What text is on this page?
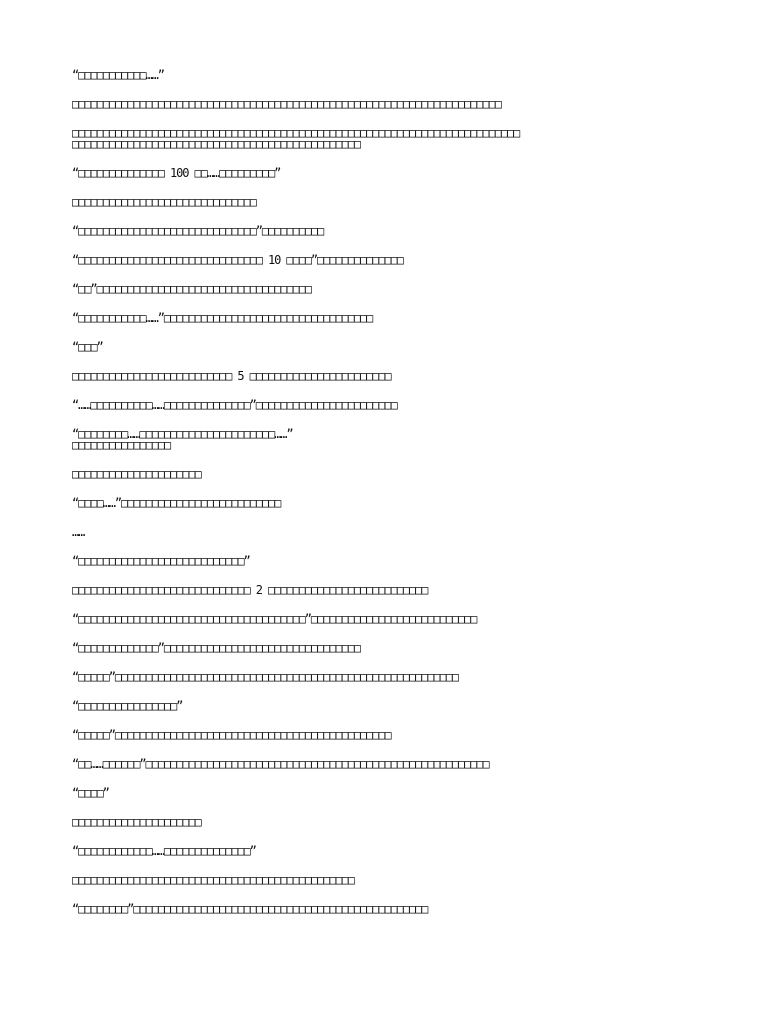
“□□□□□□□□□□□……”

□□□□□□□□□□□□□□□□□□□□□□□□□□□□□□□□□□□□□□□□□□□□□□□□□□□□□□□□□□□□□□□□□□□□□□

□□□□□□□□□□□□□□□□□□□□□□□□□□□□□□□□□□□□□□□□□□□□□□□□□□□□□□□□□□□□□□□□□□□□□□□□□
□□□□□□□□□□□□□□□□□□□□□□□□□□□□□□□□□□□□□□□□□□□□□□□

“□□□□□□□□□□□□□□ 100 □□……□□□□□□□□□”

□□□□□□□□□□□□□□□□□□□□□□□□□□□□□□

“□□□□□□□□□□□□□□□□□□□□□□□□□□□□□”□□□□□□□□□□

“□□□□□□□□□□□□□□□□□□□□□□□□□□□□□□ 10 □□□□”□□□□□□□□□□□□□□

“□□”□□□□□□□□□□□□□□□□□□□□□□□□□□□□□□□□□□□

“□□□□□□□□□□□……”□□□□□□□□□□□□□□□□□□□□□□□□□□□□□□□□□□

“□□□”

□□□□□□□□□□□□□□□□□□□□□□□□□□ 5 □□□□□□□□□□□□□□□□□□□□□□□

“……□□□□□□□□□□……□□□□□□□□□□□□□□”□□□□□□□□□□□□□□□□□□□□□□□

“□□□□□□□□……□□□□□□□□□□□□□□□□□□□□□□……”
□□□□□□□□□□□□□□□□

□□□□□□□□□□□□□□□□□□□□□

“□□□□……”□□□□□□□□□□□□□□□□□□□□□□□□□□

……

“□□□□□□□□□□□□□□□□□□□□□□□□□□□”

□□□□□□□□□□□□□□□□□□□□□□□□□□□□□ 2 □□□□□□□□□□□□□□□□□□□□□□□□□□

“□□□□□□□□□□□□□□□□□□□□□□□□□□□□□□□□□□□□□”□□□□□□□□□□□□□□□□□□□□□□□□□□□

“□□□□□□□□□□□□□”□□□□□□□□□□□□□□□□□□□□□□□□□□□□□□□□

“□□□□□”□□□□□□□□□□□□□□□□□□□□□□□□□□□□□□□□□□□□□□□□□□□□□□□□□□□□□□□□

“□□□□□□□□□□□□□□□□”

“□□□□□”□□□□□□□□□□□□□□□□□□□□□□□□□□□□□□□□□□□□□□□□□□□□□

“□□……□□□□□□”□□□□□□□□□□□□□□□□□□□□□□□□□□□□□□□□□□□□□□□□□□□□□□□□□□□□□□□□

“□□□□”

□□□□□□□□□□□□□□□□□□□□□

“□□□□□□□□□□□□……□□□□□□□□□□□□□□”

□□□□□□□□□□□□□□□□□□□□□□□□□□□□□□□□□□□□□□□□□□□□□□

“□□□□□□□□”□□□□□□□□□□□□□□□□□□□□□□□□□□□□□□□□□□□□□□□□□□□□□□□□
